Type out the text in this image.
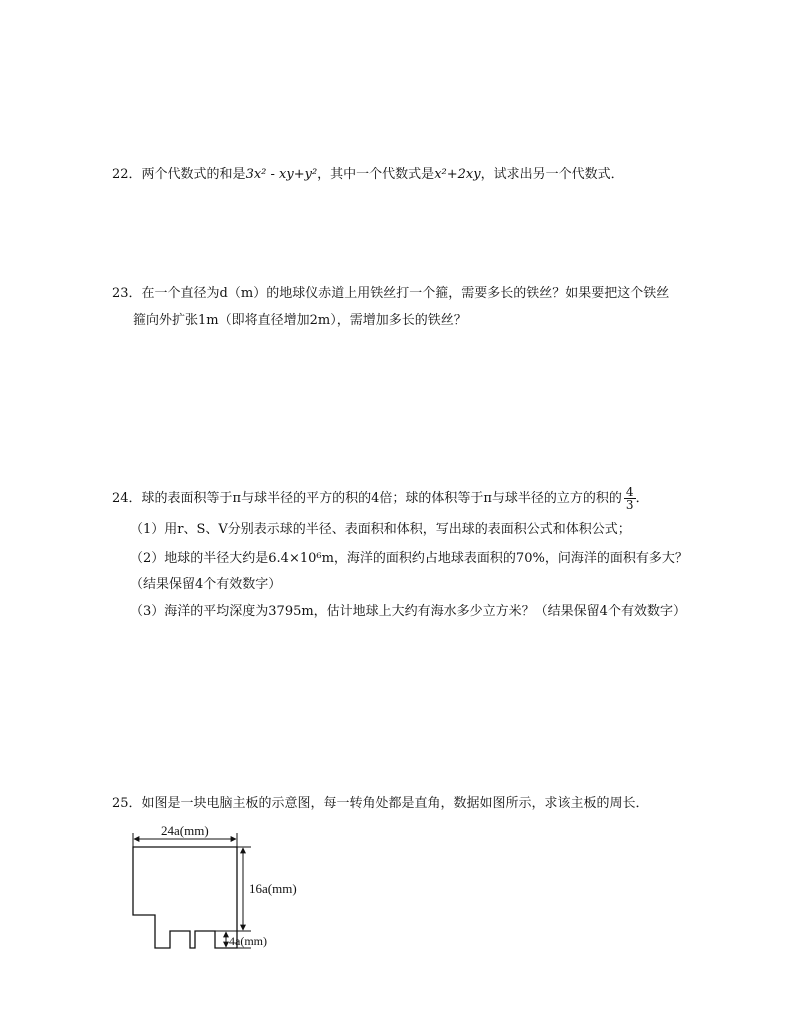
22．两个代数式的和是3x² - xy+y²，其中一个代数式是x²+2xy，试求出另一个代数式．
23．在一个直径为d（m）的地球仪赤道上用铁丝打一个箍，需要多长的铁丝？如果要把这个铁丝
箍向外扩张1m（即将直径增加2m），需增加多长的铁丝？
24．球的表面积等于π与球半径的平方的积的4倍；球的体积等于π与球半径的立方的积的 $\frac{4}{3}$ ．
（1）用r、S、V分别表示球的半径、表面积和体积，写出球的表面积公式和体积公式；
（2）地球的半径大约是6.4×10⁶m，海洋的面积约占地球表面积的70%，问海洋的面积有多大？
（结果保留4个有效数字）
（3）海洋的平均深度为3795m，估计地球上大约有海水多少立方米？（结果保留4个有效数字）
25．如图是一块电脑主板的示意图，每一转角处都是直角，数据如图所示，求该主板的周长．
24a(mm)
16a(mm)
4a(mm)
